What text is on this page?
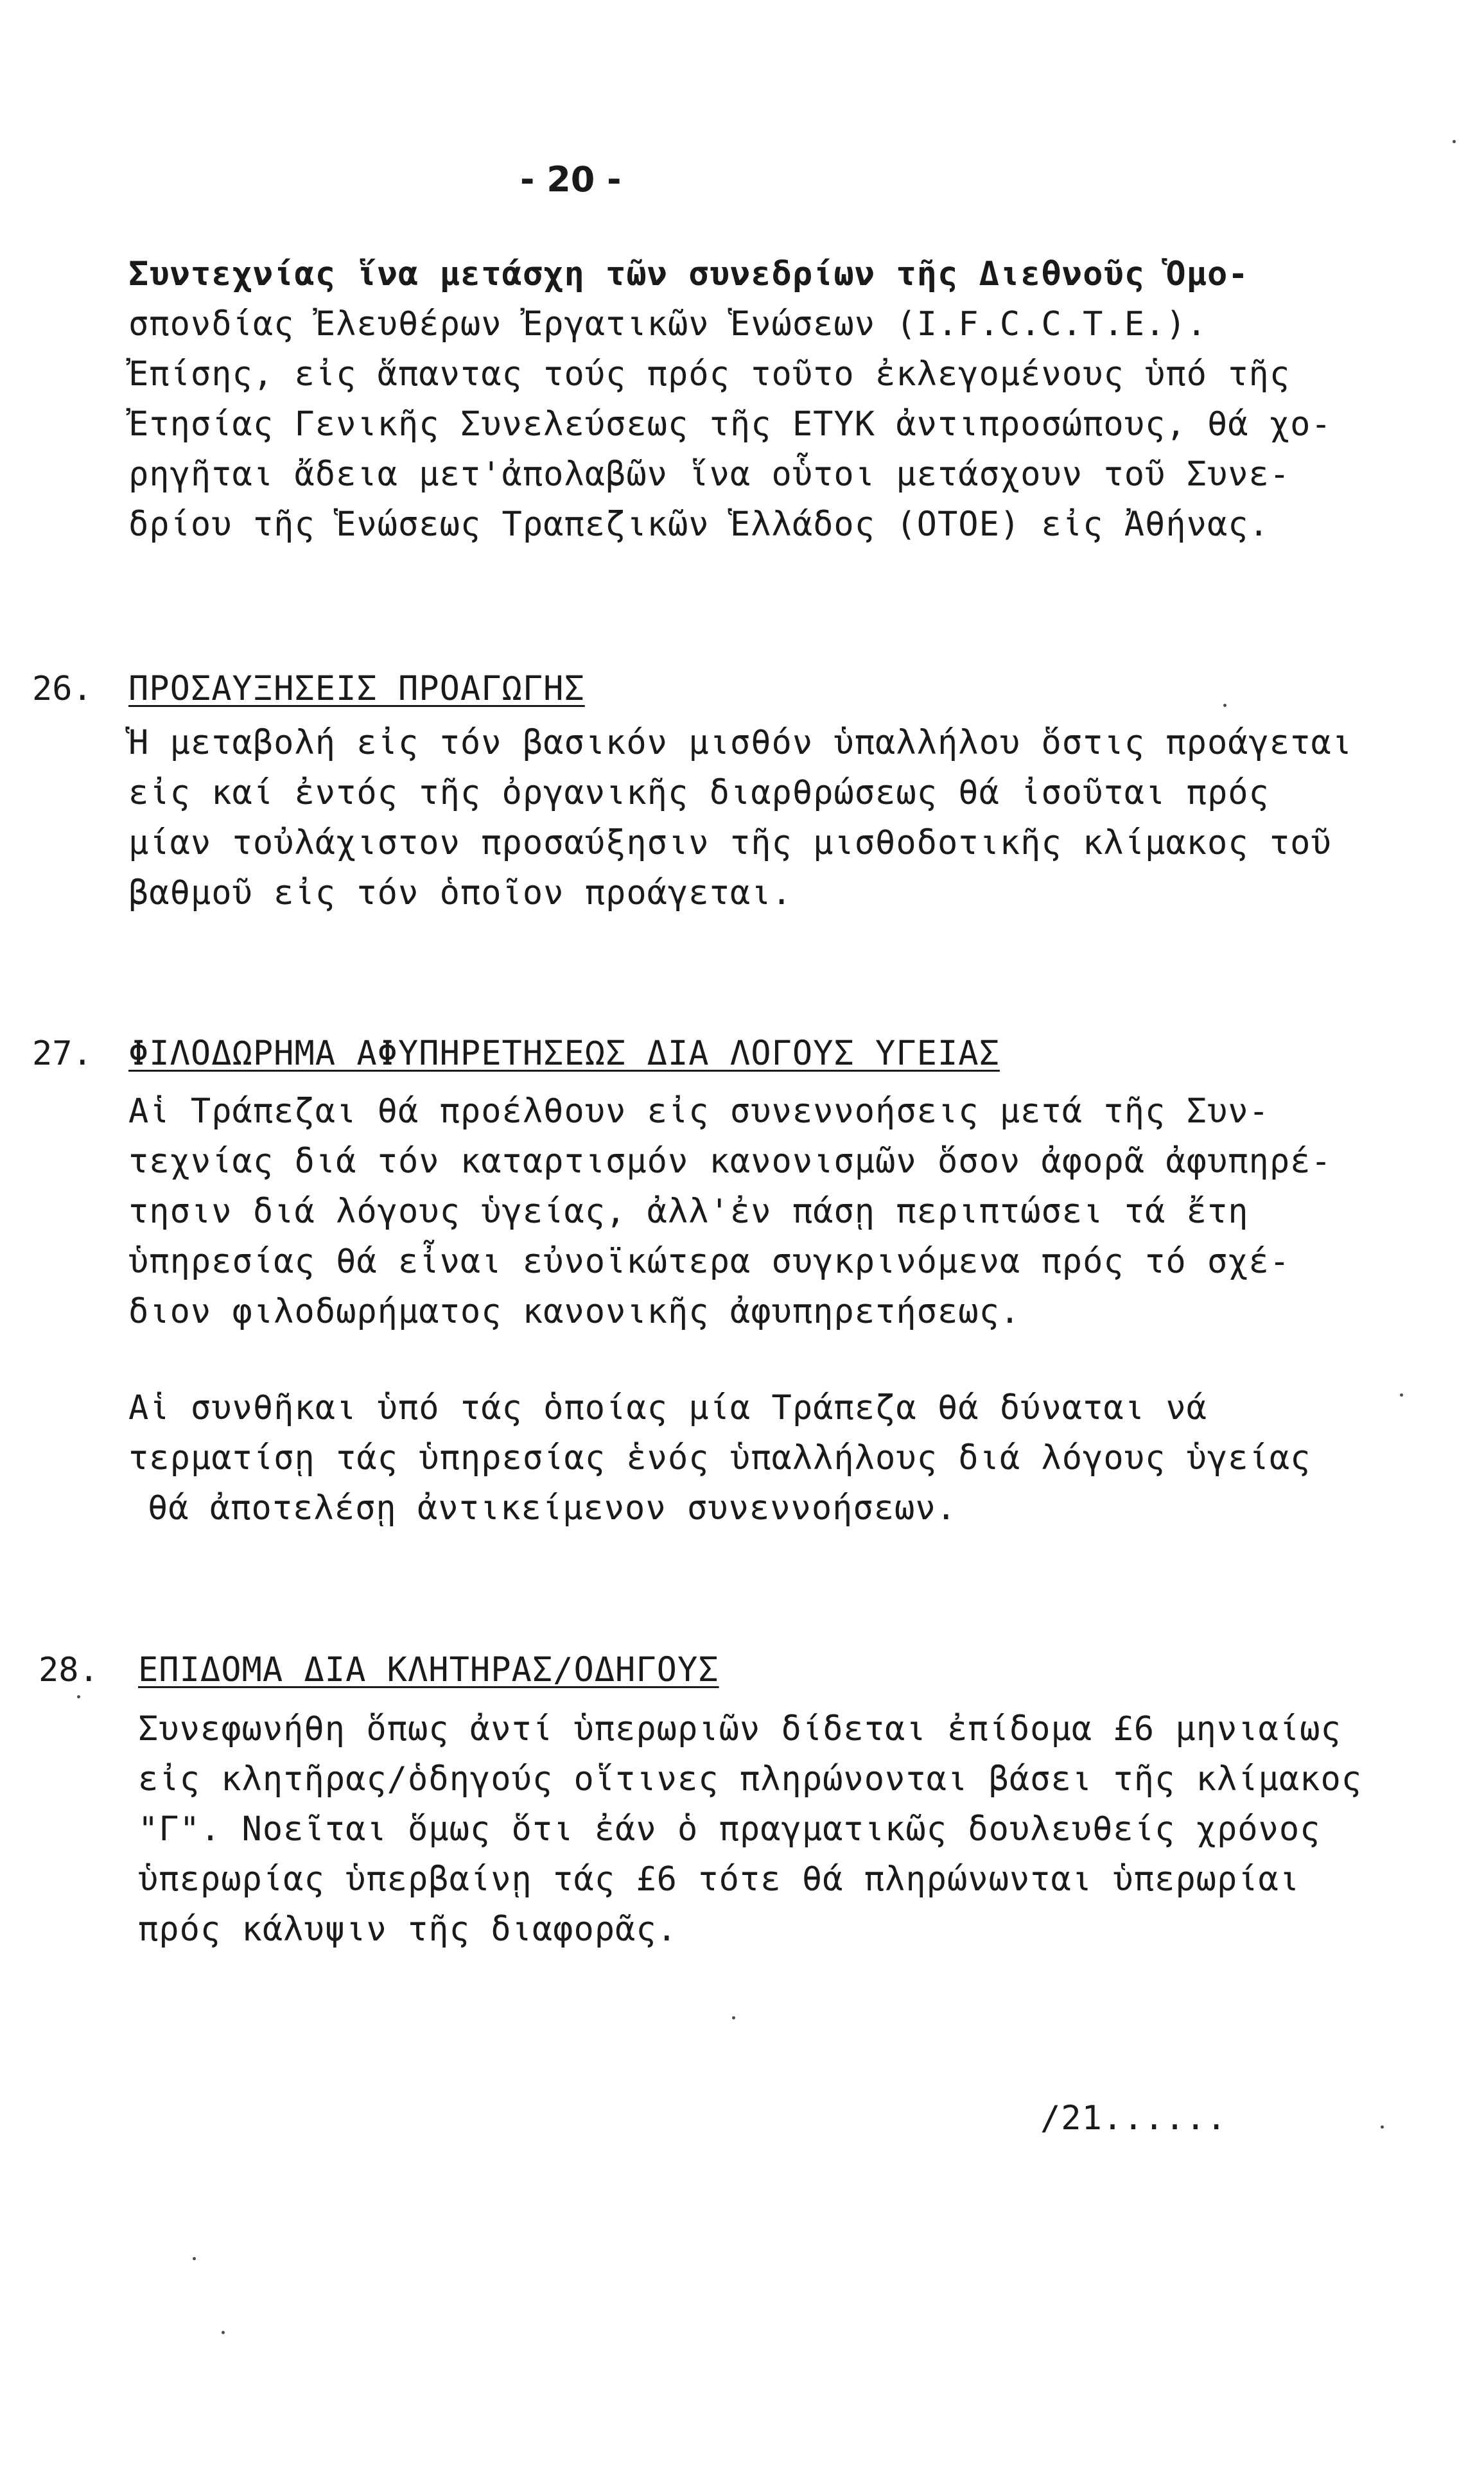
- 20 -
Συντεχνίας ἵνα μετάσχη τῶν συνεδρίων τῆς Διεθνοῦς Ὁμο-
σπονδίας Ἐλευθέρων Ἐργατικῶν Ἑνώσεων (I.F.C.C.T.E.).
Ἐπίσης, εἰς ἅπαντας τούς πρός τοῦτο ἐκλεγομένους ὑπό τῆς
Ἐτησίας Γενικῆς Συνελεύσεως τῆς ΕΤΥΚ ἀντιπροσώπους, θά χο-
ρηγῆται ἄδεια μετ'ἀπολαβῶν ἵνα οὗτοι μετάσχουν τοῦ Συνε-
δρίου τῆς Ἑνώσεως Τραπεζικῶν Ἑλλάδος (ΟΤΟΕ) εἰς Ἀθήνας.
26. ΠΡΟΣΑΥΞΗΣΕΙΣ ΠΡΟΑΓΩΓΗΣ
Ἡ μεταβολή εἰς τόν βασικόν μισθόν ὑπαλλήλου ὅστις προάγεται
εἰς καί ἐντός τῆς ὀργανικῆς διαρθρώσεως θά ἰσοῦται πρός
μίαν τοὐλάχιστον προσαύξησιν τῆς μισθοδοτικῆς κλίμακος τοῦ
βαθμοῦ εἰς τόν ὁποῖον προάγεται.
27. ΦΙΛΟΔΩΡΗΜΑ ΑΦΥΠΗΡΕΤΗΣΕΩΣ ΔΙΑ ΛΟΓΟΥΣ ΥΓΕΙΑΣ
Αἱ Τράπεζαι θά προέλθουν εἰς συνεννοήσεις μετά τῆς Συν-
τεχνίας διά τόν καταρτισμόν κανονισμῶν ὅσον ἀφορᾶ ἀφυπηρέ-
τησιν διά λόγους ὑγείας, ἀλλ'ἐν πάσῃ περιπτώσει τά ἔτη
ὑπηρεσίας θά εἶναι εὐνοϊκώτερα συγκρινόμενα πρός τό σχέ-
διον φιλοδωρήματος κανονικῆς ἀφυπηρετήσεως.
Αἱ συνθῆκαι ὑπό τάς ὁποίας μία Τράπεζα θά δύναται νά
τερματίσῃ τάς ὑπηρεσίας ἑνός ὑπαλλήλους διά λόγους ὑγείας
θά ἀποτελέσῃ ἀντικείμενον συνεννοήσεων.
28. ΕΠΙΔΟΜΑ ΔΙΑ ΚΛΗΤΗΡΑΣ/ΟΔΗΓΟΥΣ
Συνεφωνήθη ὅπως ἀντί ὑπερωριῶν δίδεται ἐπίδομα £6 μηνιαίως
εἰς κλητῆρας/ὁδηγούς οἵτινες πληρώνονται βάσει τῆς κλίμακος
"Γ". Νοεῖται ὅμως ὅτι ἐάν ὁ πραγματικῶς δουλευθείς χρόνος
ὑπερωρίας ὑπερβαίνῃ τάς £6 τότε θά πληρώνωνται ὑπερωρίαι
πρός κάλυψιν τῆς διαφορᾶς.
/21......
